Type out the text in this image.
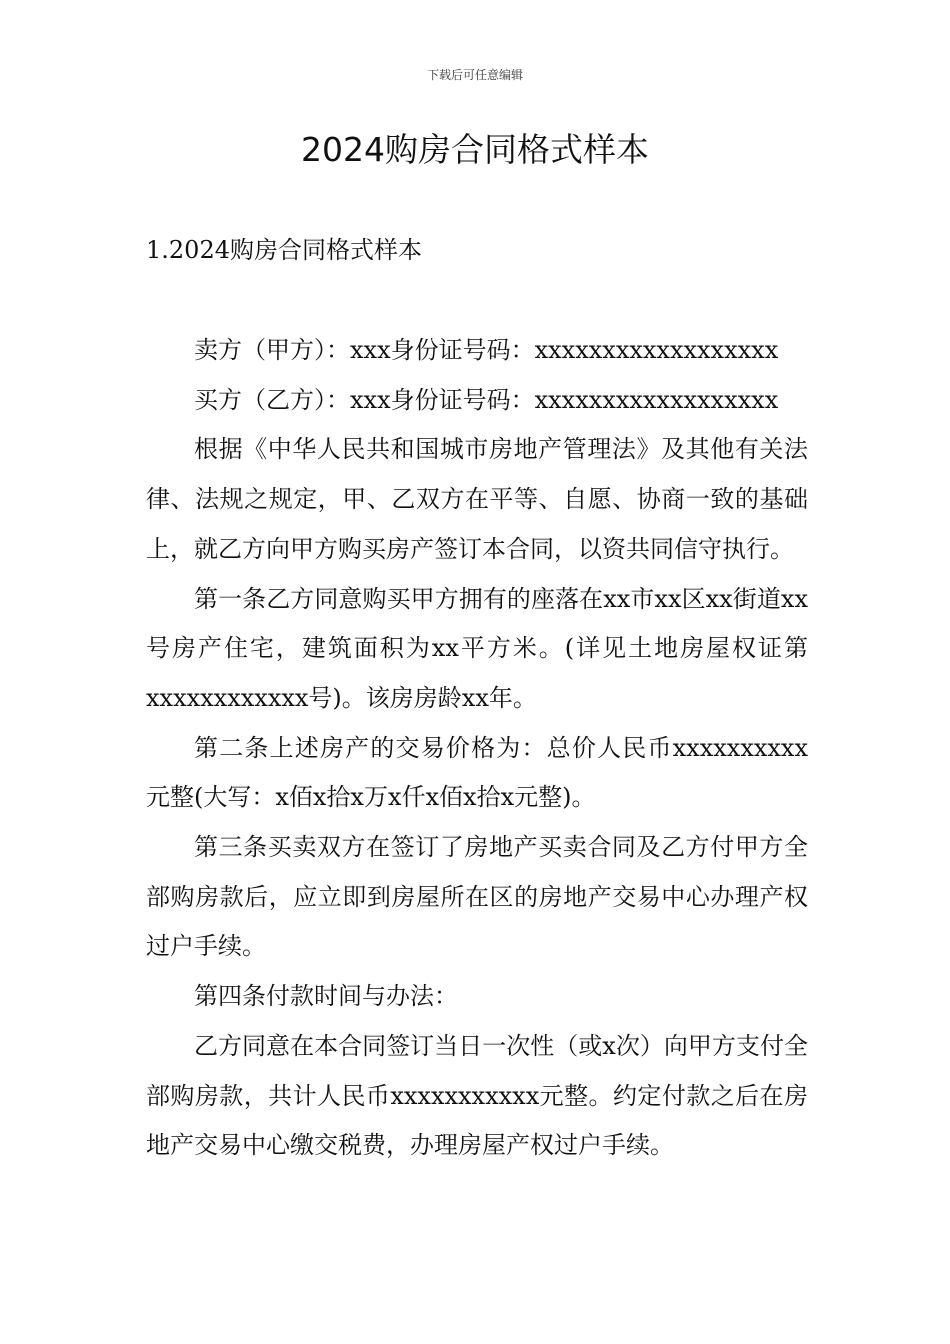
下载后可任意编辑
2024购房合同格式样本
1.2024购房合同格式样本

卖方（甲方）：xxx身份证号码：xxxxxxxxxxxxxxxxxx

买方（乙方）：xxx身份证号码：xxxxxxxxxxxxxxxxxx

根据《中华人民共和国城市房地产管理法》及其他有关法律、法规之规定，甲、乙双方在平等、自愿、协商一致的基础上，就乙方向甲方购买房产签订本合同，以资共同信守执行。

第一条乙方同意购买甲方拥有的座落在xx市xx区xx街道xx号房产住宅，建筑面积为xx平方米。(详见土地房屋权证第xxxxxxxxxxxx号)。该房房龄xx年。

第二条上述房产的交易价格为：总价人民币xxxxxxxxxx元整(大写：x佰x拾x万x仟x佰x拾x元整)。

第三条买卖双方在签订了房地产买卖合同及乙方付甲方全部购房款后，应立即到房屋所在区的房地产交易中心办理产权过户手续。

第四条付款时间与办法：

乙方同意在本合同签订当日一次性（或x次）向甲方支付全部购房款，共计人民币xxxxxxxxxxx元整。约定付款之后在房地产交易中心缴交税费，办理房屋产权过户手续。
